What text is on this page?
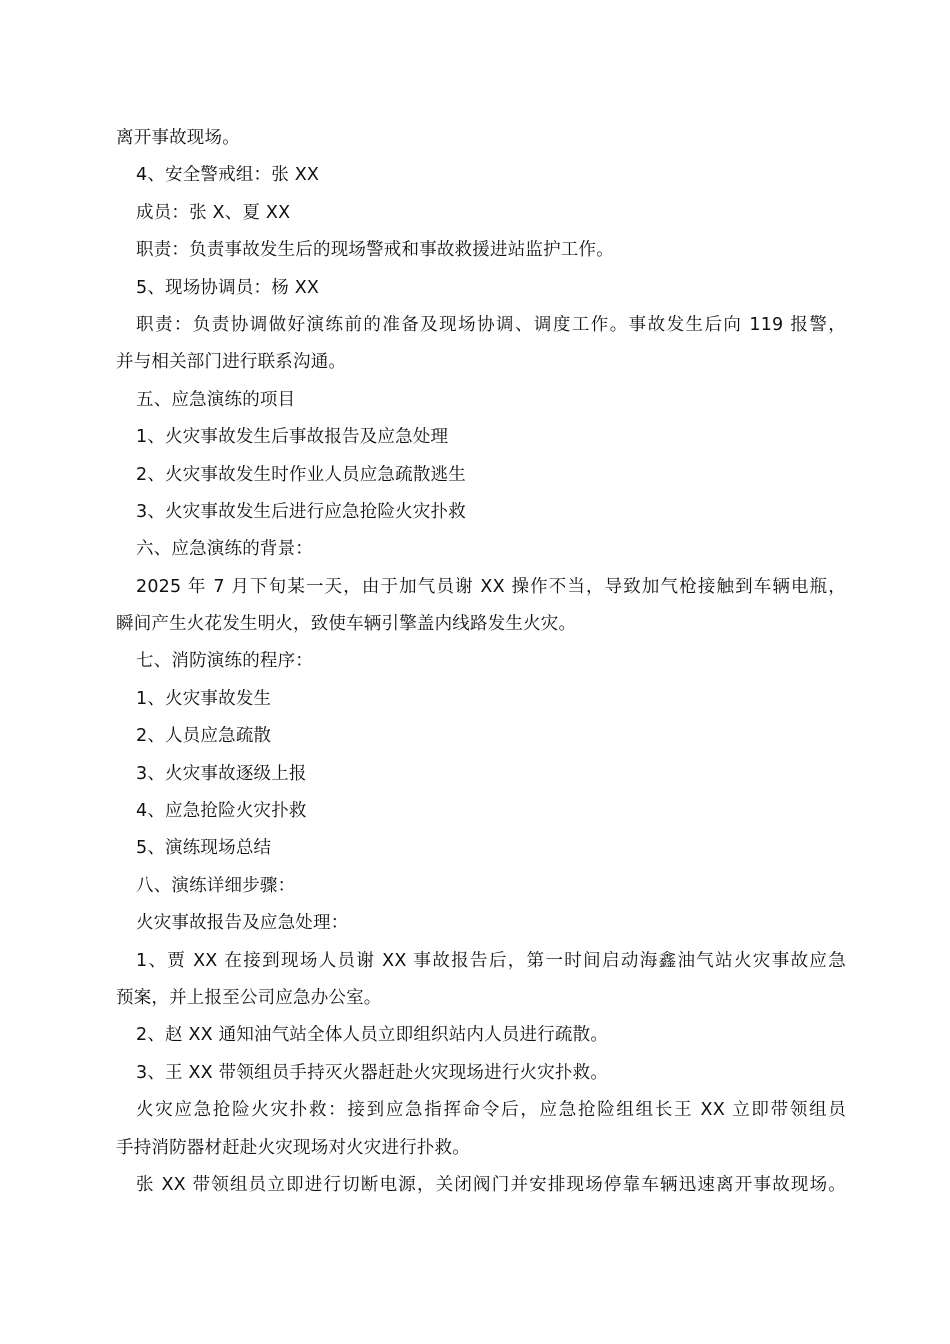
离开事故现场。
4、安全警戒组：张 XX
成员：张 X、夏 XX
职责：负责事故发生后的现场警戒和事故救援进站监护工作。
5、现场协调员：杨 XX
职责：负责协调做好演练前的准备及现场协调、调度工作。事故发生后向 119 报警，
并与相关部门进行联系沟通。
五、应急演练的项目
1、火灾事故发生后事故报告及应急处理
2、火灾事故发生时作业人员应急疏散逃生
3、火灾事故发生后进行应急抢险火灾扑救
六、应急演练的背景：
2025 年 7 月下旬某一天，由于加气员谢 XX 操作不当，导致加气枪接触到车辆电瓶，
瞬间产生火花发生明火，致使车辆引擎盖内线路发生火灾。
七、消防演练的程序：
1、火灾事故发生
2、人员应急疏散
3、火灾事故逐级上报
4、应急抢险火灾扑救
5、演练现场总结
八、演练详细步骤：
火灾事故报告及应急处理：
1、贾 XX 在接到现场人员谢 XX 事故报告后，第一时间启动海鑫油气站火灾事故应急
预案，并上报至公司应急办公室。
2、赵 XX 通知油气站全体人员立即组织站内人员进行疏散。
3、王 XX 带领组员手持灭火器赶赴火灾现场进行火灾扑救。
火灾应急抢险火灾扑救：接到应急指挥命令后，应急抢险组组长王 XX 立即带领组员
手持消防器材赶赴火灾现场对火灾进行扑救。
张 XX 带领组员立即进行切断电源，关闭阀门并安排现场停靠车辆迅速离开事故现场。
